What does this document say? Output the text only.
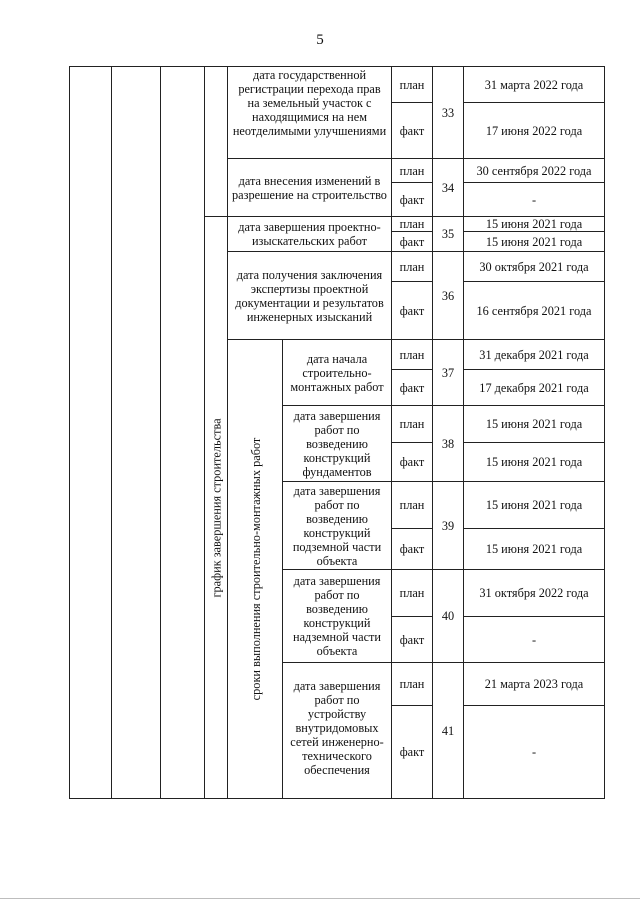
5
график завершения строительства сроки выполнения строительно-монтажных работ
дата государственной регистрации перехода прав на земельный участок с находящимися на нем неотделимыми улучшениями
план
факт
33
31 марта 2022 года
17 июня 2022 года
дата внесения изменений в разрешение на строительство
план
факт
34
30 сентября 2022 года
-
дата завершения проектно-изыскательских работ
план
факт
35
15 июня 2021 года
15 июня 2021 года
дата получения заключения экспертизы проектной документации и результатов инженерных изысканий
план
факт
36
30 октября 2021 года
16 сентября 2021 года
дата начала строительно-монтажных работ
план
факт
37
31 декабря 2021 года
17 декабря 2021 года
дата завершения работ по возведению конструкций фундаментов
план
факт
38
15 июня 2021 года
15 июня 2021 года
дата завершения работ по возведению конструкций подземной части объекта
план
факт
39
15 июня 2021 года
15 июня 2021 года
дата завершения работ по возведению конструкций надземной части объекта
план
факт
40
31 октября 2022 года
-
дата завершения работ по устройству внутридомовых сетей инженерно-технического обеспечения
план
факт
41
21 марта 2023 года
-
